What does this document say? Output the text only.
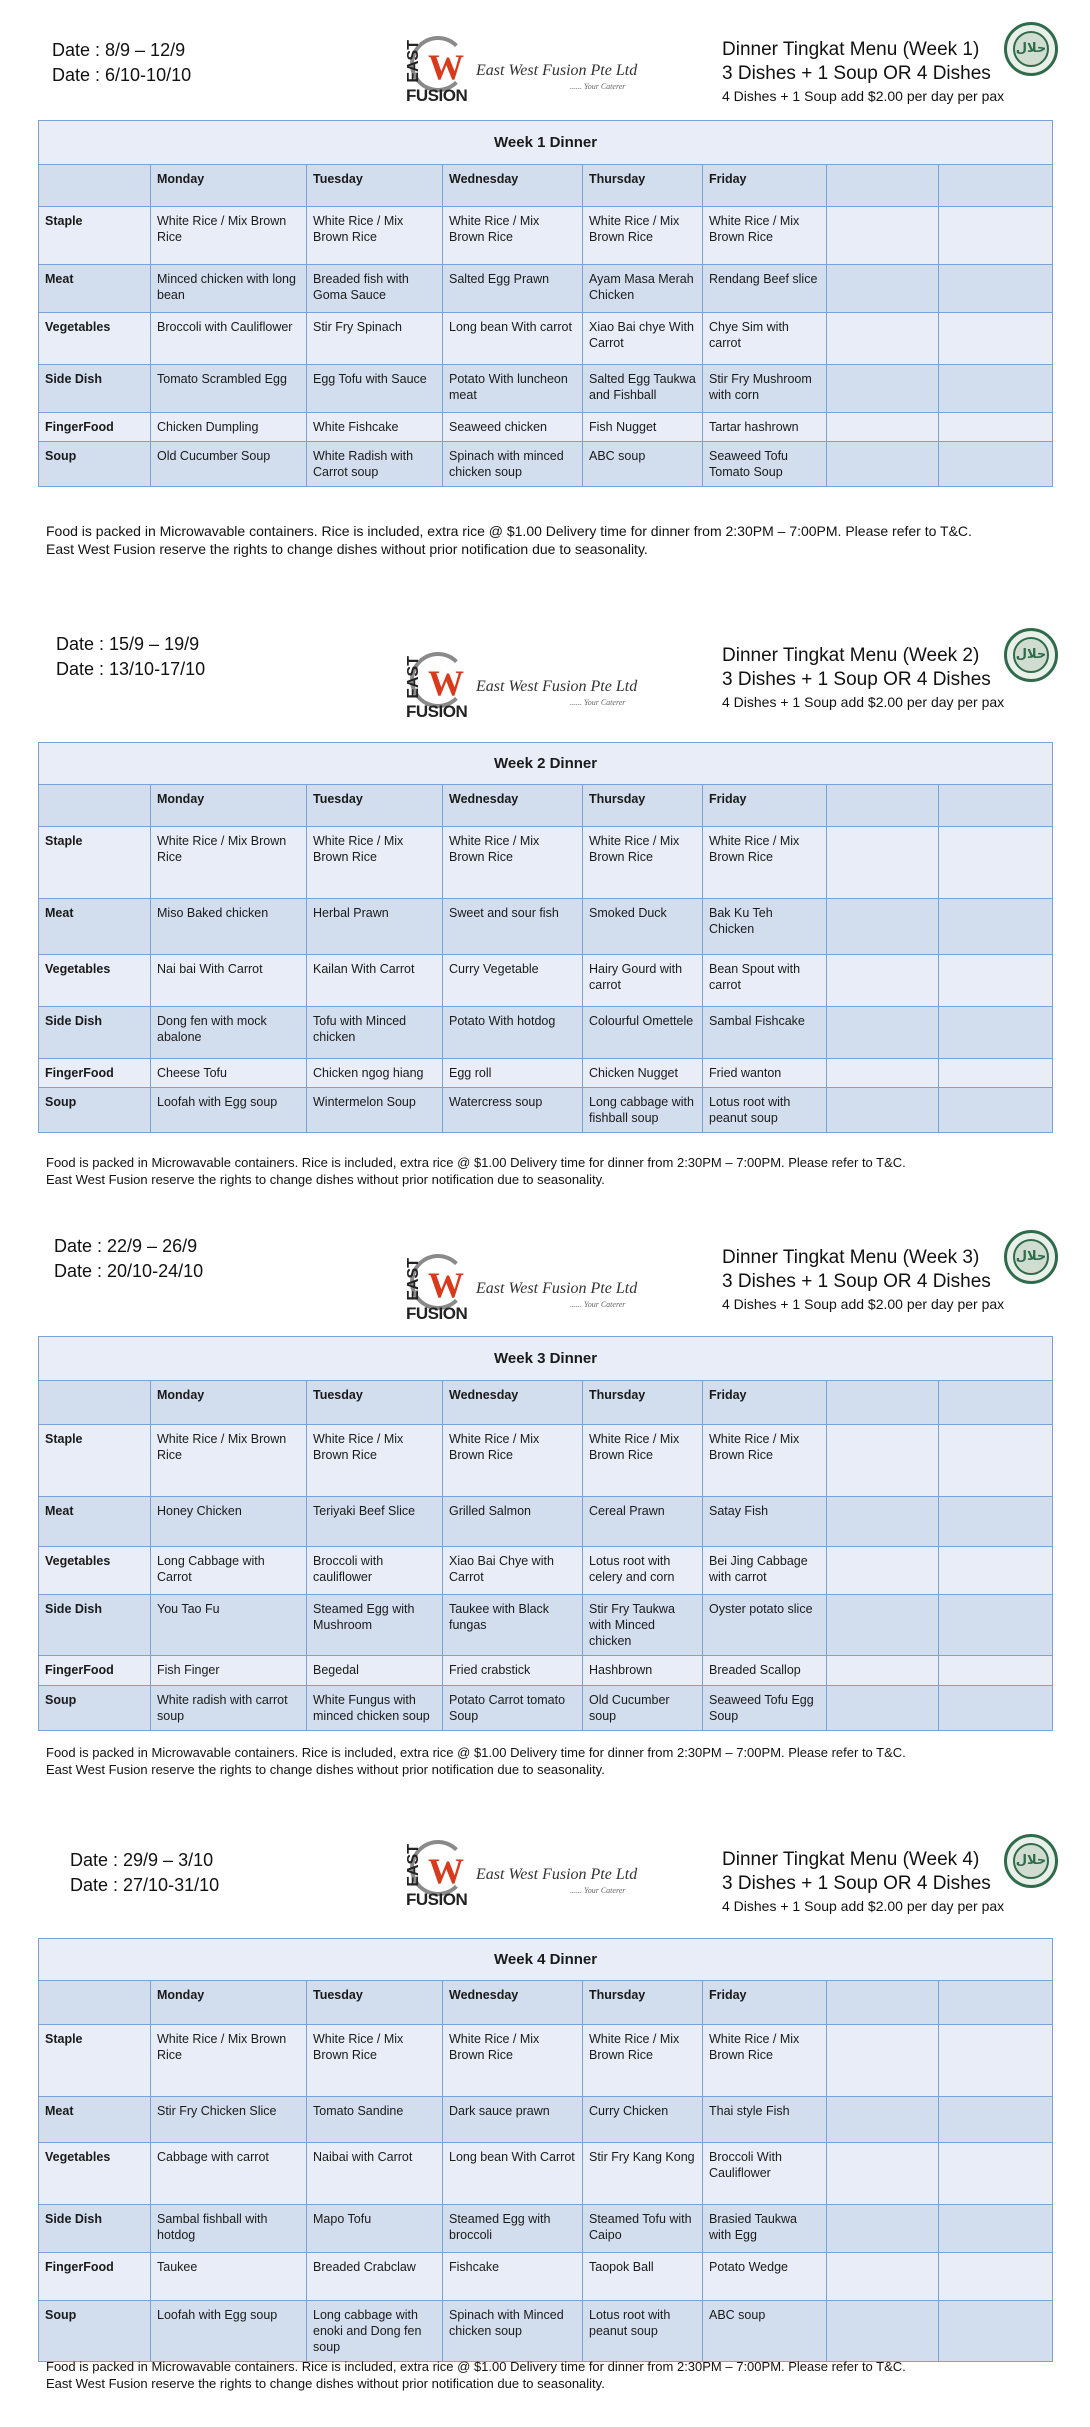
Date : 8/9 – 12/9
Date : 6/10-10/10	EAST W
FUSION
East West Fusion Pte Ltd
...... Your Caterer
Dinner Tingkat Menu (Week 1)
3 Dishes + 1 Soup OR 4 Dishes
4 Dishes + 1 Soup add $2.00 per day per pax
حلال
Week 1 Dinner							
	Monday	Tuesday	Wednesday	Thursday	Friday		
Staple	White Rice / Mix Brown Rice	White Rice / Mix Brown Rice	White Rice / Mix Brown Rice	White Rice / Mix Brown Rice	White Rice / Mix Brown Rice		
Meat	Minced chicken with long bean	Breaded fish with Goma Sauce	Salted Egg Prawn	Ayam Masa Merah Chicken	Rendang Beef slice		
Vegetables	Broccoli with Cauliflower	Stir Fry Spinach	Long bean With carrot	Xiao Bai chye With Carrot	Chye Sim with carrot		
Side Dish	Tomato Scrambled Egg	Egg Tofu with Sauce	Potato With luncheon meat	Salted Egg Taukwa and Fishball	Stir Fry Mushroom with corn		
FingerFood	Chicken Dumpling	White Fishcake	Seaweed chicken	Fish Nugget	Tartar hashrown		
Soup	Old Cucumber Soup	White Radish with Carrot soup	Spinach with minced chicken soup	ABC soup	Seaweed Tofu Tomato Soup		
Food is packed in Microwavable containers. Rice is included, extra rice @ $1.00 Delivery time for dinner from 2:30PM – 7:00PM. Please refer to T&C.
East West Fusion reserve the rights to change dishes without prior notification due to seasonality.
Date : 15/9 – 19/9
Date : 13/10-17/10	EAST W
FUSION
East West Fusion Pte Ltd
...... Your Caterer
Dinner Tingkat Menu (Week 2)
3 Dishes + 1 Soup OR 4 Dishes
4 Dishes + 1 Soup add $2.00 per day per pax
حلال
Week 2 Dinner							
	Monday	Tuesday	Wednesday	Thursday	Friday		
Staple	White Rice / Mix Brown Rice	White Rice / Mix Brown Rice	White Rice / Mix Brown Rice	White Rice / Mix Brown Rice	White Rice / Mix Brown Rice		
Meat	Miso Baked chicken	Herbal Prawn	Sweet and sour fish	Smoked Duck	Bak Ku Teh Chicken		
Vegetables	Nai bai With Carrot	Kailan With Carrot	Curry Vegetable	Hairy Gourd with carrot	Bean Spout with carrot		
Side Dish	Dong fen with mock abalone	Tofu with Minced chicken	Potato With hotdog	Colourful Omettele	Sambal Fishcake		
FingerFood	Cheese Tofu	Chicken ngog hiang	Egg roll	Chicken Nugget	Fried wanton		
Soup	Loofah with Egg soup	Wintermelon Soup	Watercress soup	Long cabbage with fishball soup	Lotus root with peanut soup		
Food is packed in Microwavable containers. Rice is included, extra rice @ $1.00 Delivery time for dinner from 2:30PM – 7:00PM. Please refer to T&C.
East West Fusion reserve the rights to change dishes without prior notification due to seasonality.
Date : 22/9 – 26/9
Date : 20/10-24/10	EAST W
FUSION
East West Fusion Pte Ltd
...... Your Caterer
Dinner Tingkat Menu (Week 3)
3 Dishes + 1 Soup OR 4 Dishes
4 Dishes + 1 Soup add $2.00 per day per pax
حلال
Week 3 Dinner							
	Monday	Tuesday	Wednesday	Thursday	Friday		
Staple	White Rice / Mix Brown Rice	White Rice / Mix Brown Rice	White Rice / Mix Brown Rice	White Rice / Mix Brown Rice	White Rice / Mix Brown Rice		
Meat	Honey Chicken	Teriyaki Beef Slice	Grilled Salmon	Cereal Prawn	Satay Fish		
Vegetables	Long Cabbage with Carrot	Broccoli with cauliflower	Xiao Bai Chye with Carrot	Lotus root with celery and corn	Bei Jing Cabbage with carrot		
Side Dish	You Tao Fu	Steamed Egg with Mushroom	Taukee with Black fungas	Stir Fry Taukwa with Minced chicken	Oyster potato slice		
FingerFood	Fish Finger	Begedal	Fried crabstick	Hashbrown	Breaded Scallop		
Soup	White radish with carrot soup	White Fungus with minced chicken soup	Potato Carrot tomato Soup	Old Cucumber soup	Seaweed Tofu Egg Soup		
Food is packed in Microwavable containers. Rice is included, extra rice @ $1.00 Delivery time for dinner from 2:30PM – 7:00PM. Please refer to T&C.
East West Fusion reserve the rights to change dishes without prior notification due to seasonality.
Date : 29/9 – 3/10
Date : 27/10-31/10	EAST W
FUSION
East West Fusion Pte Ltd
...... Your Caterer
Dinner Tingkat Menu (Week 4)
3 Dishes + 1 Soup OR 4 Dishes
4 Dishes + 1 Soup add $2.00 per day per pax
حلال
Week 4 Dinner							
	Monday	Tuesday	Wednesday	Thursday	Friday		
Staple	White Rice / Mix Brown Rice	White Rice / Mix Brown Rice	White Rice / Mix Brown Rice	White Rice / Mix Brown Rice	White Rice / Mix Brown Rice		
Meat	Stir Fry Chicken Slice	Tomato Sandine	Dark sauce prawn	Curry Chicken	Thai style Fish		
Vegetables	Cabbage with carrot	Naibai with Carrot	Long bean With Carrot	Stir Fry Kang Kong	Broccoli With Cauliflower		
Side Dish	Sambal fishball with hotdog	Mapo Tofu	Steamed Egg with broccoli	Steamed Tofu with Caipo	Brasied Taukwa with Egg		
FingerFood	Taukee	Breaded Crabclaw	Fishcake	Taopok Ball	Potato Wedge		
Soup	Loofah with Egg soup	Long cabbage with enoki and Dong fen soup	Spinach with Minced chicken soup	Lotus root with peanut soup	ABC soup		
Food is packed in Microwavable containers. Rice is included, extra rice @ $1.00 Delivery time for dinner from 2:30PM – 7:00PM. Please refer to T&C.
East West Fusion reserve the rights to change dishes without prior notification due to seasonality.
